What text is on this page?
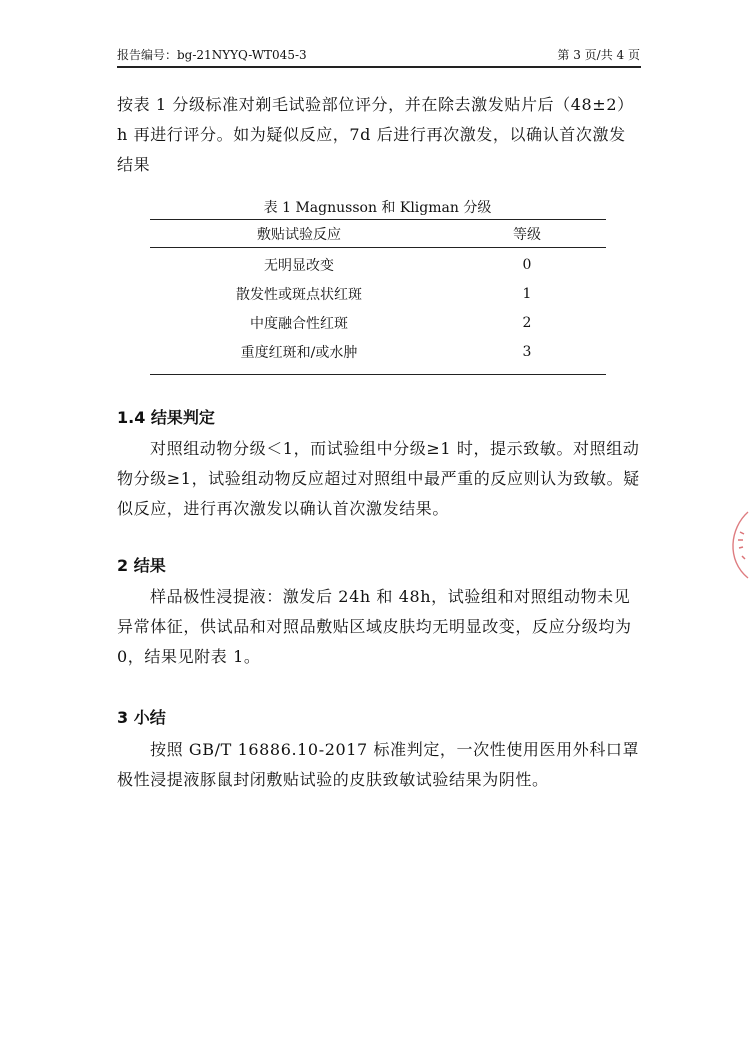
报告编号：bg-21NYYQ-WT045-3	第 3 页/共 4 页
按表 1 分级标准对剃毛试验部位评分，并在除去激发贴片后（48±2）h 再进行评分。如为疑似反应，7d 后进行再次激发，以确认首次激发结果
表 1 Magnusson 和 Kligman 分级
敷贴试验反应	等级
无明显改变	0
散发性或斑点状红斑	1
中度融合性红斑	2
重度红斑和/或水肿	3
1.4 结果判定
对照组动物分级＜1，而试验组中分级≥1 时，提示致敏。对照组动物分级≥1，试验组动物反应超过对照组中最严重的反应则认为致敏。疑似反应，进行再次激发以确认首次激发结果。
2 结果
样品极性浸提液：激发后 24h 和 48h，试验组和对照组动物未见异常体征，供试品和对照品敷贴区域皮肤均无明显改变，反应分级均为 0，结果见附表 1。
3 小结
按照 GB/T 16886.10-2017 标准判定，一次性使用医用外科口罩极性浸提液豚鼠封闭敷贴试验的皮肤致敏试验结果为阴性。
